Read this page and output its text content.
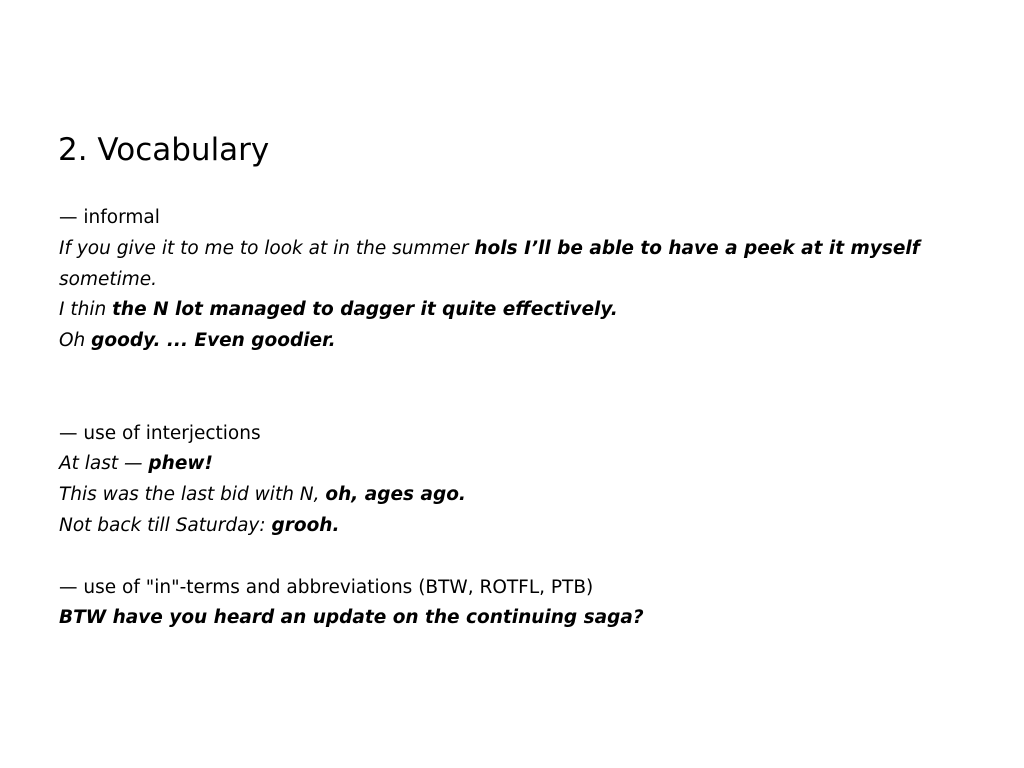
2. Vocabulary

— informal

If you give it to me to look at in the summer hols I’ll be able to have a peek at it myself sometime.

I thin the N lot managed to dagger it quite effectively.

Oh goody. ... Even goodier.

— use of interjections

At last — phew!

This was the last bid with N, oh, ages ago.

Not back till Saturday: grooh.

— use of "in"-terms and abbreviations (BTW, ROTFL, PTB)

BTW have you heard an update on the continuing saga?
